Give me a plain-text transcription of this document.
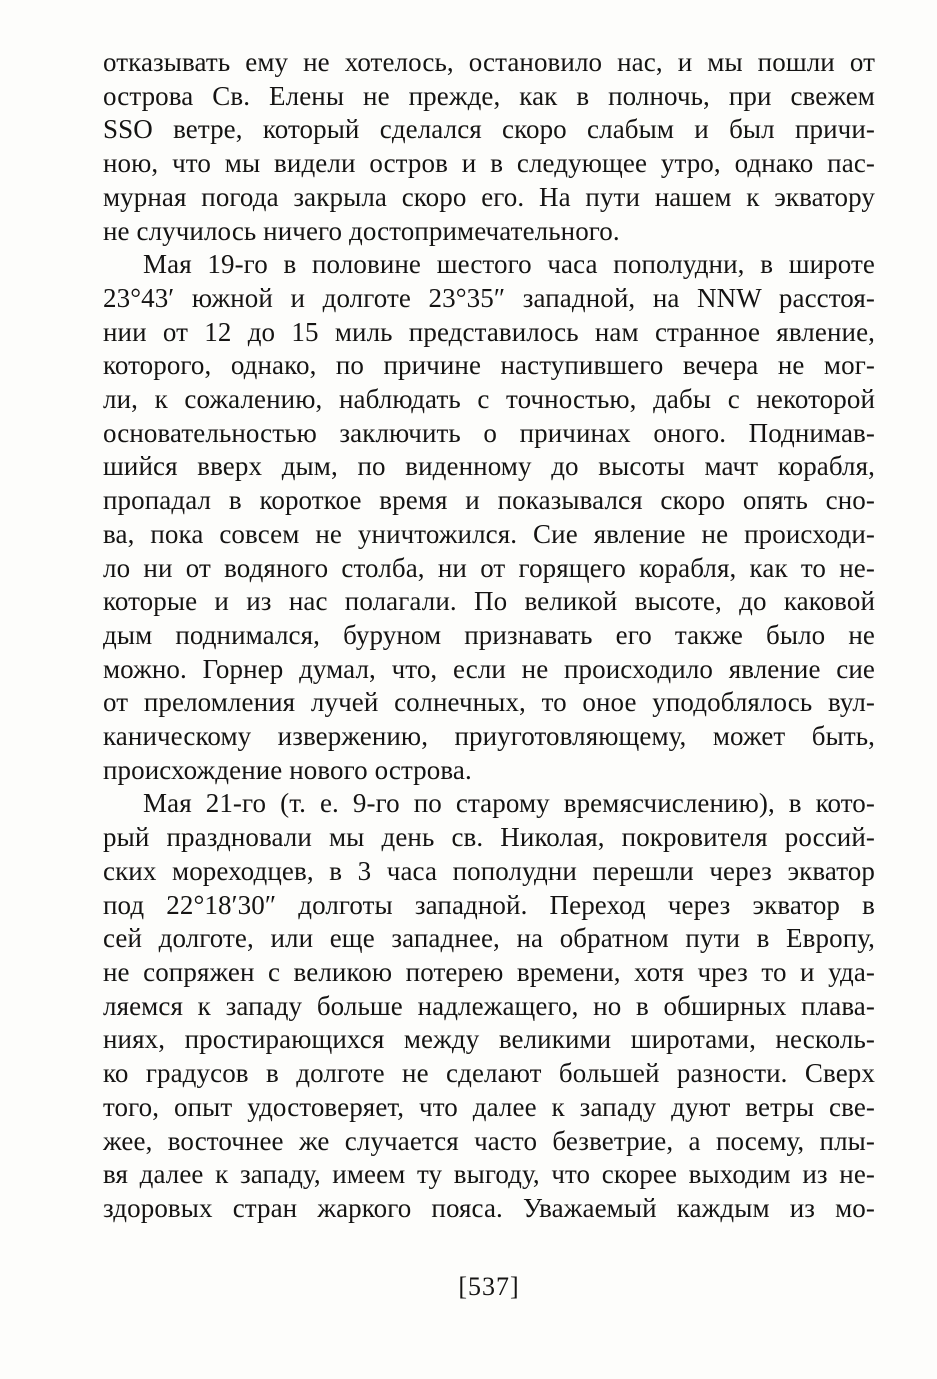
отказывать ему не хотелось, остановило нас, и мы пошли от
острова Св. Елены не прежде, как в полночь, при свежем
SSO ветре, который сделался скоро слабым и был причи-
ною, что мы видели остров и в следующее утро, однако пас-
мурная погода закрыла скоро его. На пути нашем к экватору
не случилось ничего достопримечательного.

Мая 19-го в половине шестого часа пополудни, в широте
23°43′ южной и долготе 23°35″ западной, на NNW расстоя-
нии от 12 до 15 миль представилось нам странное явление,
которого, однако, по причине наступившего вечера не мог-
ли, к сожалению, наблюдать с точностью, дабы с некоторой
основательностью заключить о причинах оного. Поднимав-
шийся вверх дым, по виденному до высоты мачт корабля,
пропадал в короткое время и показывался скоро опять сно-
ва, пока совсем не уничтожился. Сие явление не происходи-
ло ни от водяного столба, ни от горящего корабля, как то не-
которые и из нас полагали. По великой высоте, до каковой
дым поднимался, буруном признавать его также было не
можно. Горнер думал, что, если не происходило явление сие
от преломления лучей солнечных, то оное уподоблялось вул-
каническому извержению, приуготовляющему, может быть,
происхождение нового острова.

Мая 21-го (т. е. 9-го по старому времясчислению), в кото-
рый праздновали мы день св. Николая, покровителя россий-
ских мореходцев, в 3 часа пополудни перешли через экватор
под 22°18′30″ долготы западной. Переход через экватор в
сей долготе, или еще западнее, на обратном пути в Европу,
не сопряжен с великою потерею времени, хотя чрез то и уда-
ляемся к западу больше надлежащего, но в обширных плава-
ниях, простирающихся между великими широтами, несколь-
ко градусов в долготе не сделают большей разности. Сверх
того, опыт удостоверяет, что далее к западу дуют ветры све-
жее, восточнее же случается часто безветрие, а посему, плы-
вя далее к западу, имеем ту выгоду, что скорее выходим из не-
здоровых стран жаркого пояса. Уважаемый каждым из мо-

[537]
